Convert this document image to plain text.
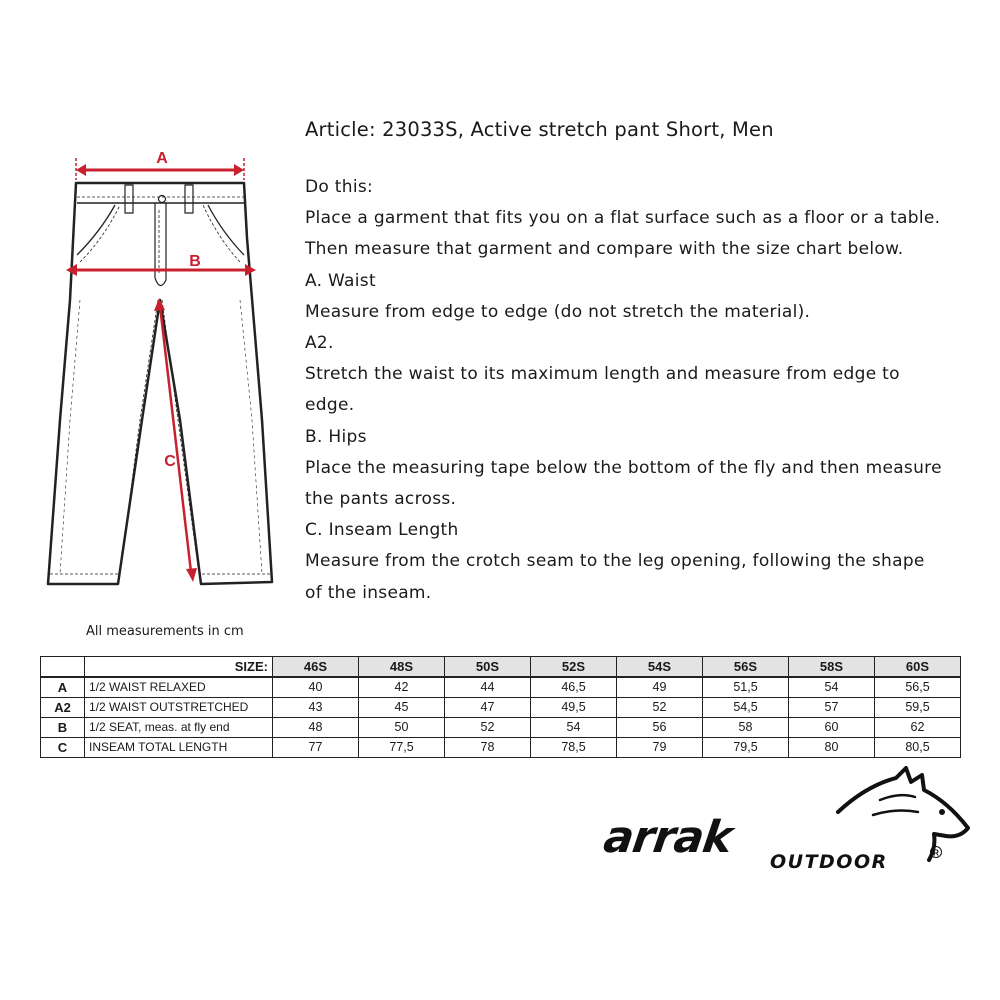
A
B
C
Article: 23033S, Active stretch pant Short, Men
Do this:
Place a garment that fits you on a flat surface such as a floor or a table.
Then measure that garment and compare with the size chart below.
A. Waist
Measure from edge to edge (do not stretch the material).
A2.
Stretch the waist to its maximum length and measure from edge to
edge.
B. Hips
Place the measuring tape below the bottom of the fly and then measure
the pants across.
C. Inseam Length
Measure from the crotch seam to the leg opening, following the shape
of the inseam.
All measurements in cm
	SIZE:	46S	48S	50S	52S	54S	56S	58S	60S
A	1/2 WAIST RELAXED	40	42	44	46,5	49	51,5	54	56,5
A2	1/2 WAIST OUTSTRETCHED	43	45	47	49,5	52	54,5	57	59,5
B	1/2 SEAT, meas. at fly end	48	50	52	54	56	58	60	62
C	INSEAM TOTAL LENGTH	77	77,5	78	78,5	79	79,5	80	80,5
arrak OUTDOOR	R
